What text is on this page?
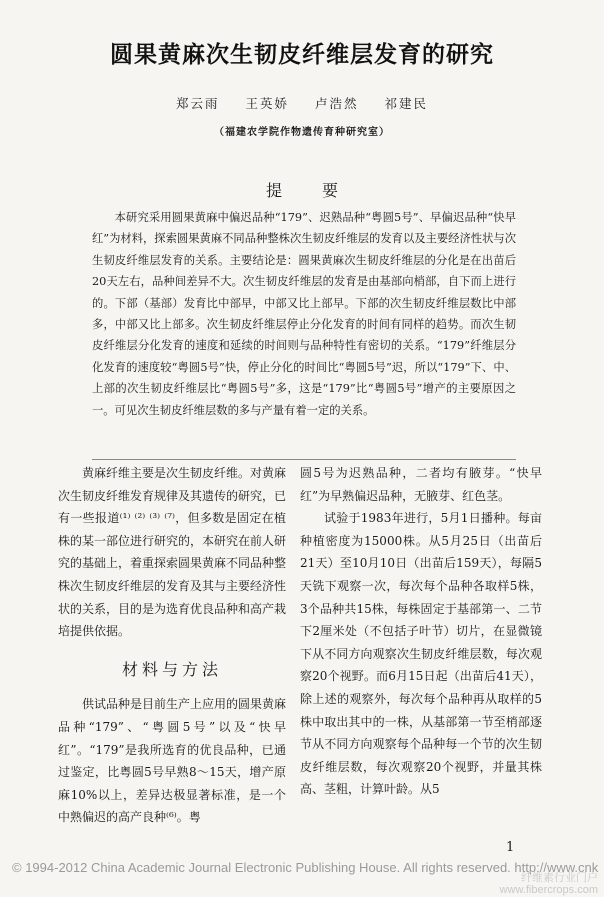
圆果黄麻次生韧皮纤维层发育的研究
郑云雨 王英娇 卢浩然 祁建民
（福建农学院作物遗传育种研究室）
提要
本研究采用圆果黄麻中偏迟品种“179”、迟熟品种“粤圆5号”、早偏迟品种“快早红”为材料，探索圆果黄麻不同品种整株次生韧皮纤维层的发育以及主要经济性状与次生韧皮纤维层发育的关系。主要结论是：圆果黄麻次生韧皮纤维层的分化是在出苗后20天左右，品种间差异不大。次生韧皮纤维层的发育是由基部向梢部，自下而上进行的。下部（基部）发育比中部早，中部又比上部早。下部的次生韧皮纤维层数比中部多，中部又比上部多。次生韧皮纤维层停止分化发育的时间有同样的趋势。而次生韧皮纤维层分化发育的速度和延续的时间则与品种特性有密切的关系。“179”纤维层分化发育的速度较“粤圆5号”快，停止分化的时间比“粤圆5号”迟，所以“179”下、中、上部的次生韧皮纤维层比“粤圆5号”多，这是“179”比“粤圆5号”增产的主要原因之一。可见次生韧皮纤维层数的多与产量有着一定的关系。

黄麻纤维主要是次生韧皮纤维。对黄麻次生韧皮纤维发育规律及其遗传的研究，已有一些报道⁽¹⁾ ⁽²⁾ ⁽³⁾ ⁽⁷⁾，但多数是固定在植株的某一部位进行研究的，本研究在前人研究的基础上，着重探索圆果黄麻不同品种整株次生韧皮纤维层的发育及其与主要经济性状的关系，目的是为选育优良品种和高产栽培提供依据。

材料与方法

供试品种是目前生产上应用的圆果黄麻品种“179”、“粤圆5号”以及“快早红”。“179”是我所选育的优良品种，已通过鉴定，比粤圆5号早熟8～15天，增产原麻10%以上，差异达极显著标准，是一个中熟偏迟的高产良种⁽⁶⁾。粤

圆5号为迟熟品种，二者均有腋芽。“快早红”为早熟偏迟品种，无腋芽、红色茎。

试验于1983年进行，5月1日播种。每亩种植密度为15000株。从5月25日（出苗后21天）至10月10日（出苗后159天），每隔5天铣下观察一次，每次每个品种各取样5株，3个品种共15株，每株固定于基部第一、二节下2厘米处（不包括子叶节）切片，在显微镜下从不同方向观察次生韧皮纤维层数，每次观察20个视野。而6月15日起（出苗后41天），除上述的观察外，每次每个品种再从取样的5株中取出其中的一株，从基部第一节至梢部逐节从不同方向观察每个品种每一个节的次生韧皮纤维层数，每次观察20个视野，并量其株高、茎粗，计算叶龄。从5

1
© 1994-2012 China Academic Journal Electronic Publishing House. All rights reserved. http://www.cnk
纤维素行业门户
www.fibercrops.com
